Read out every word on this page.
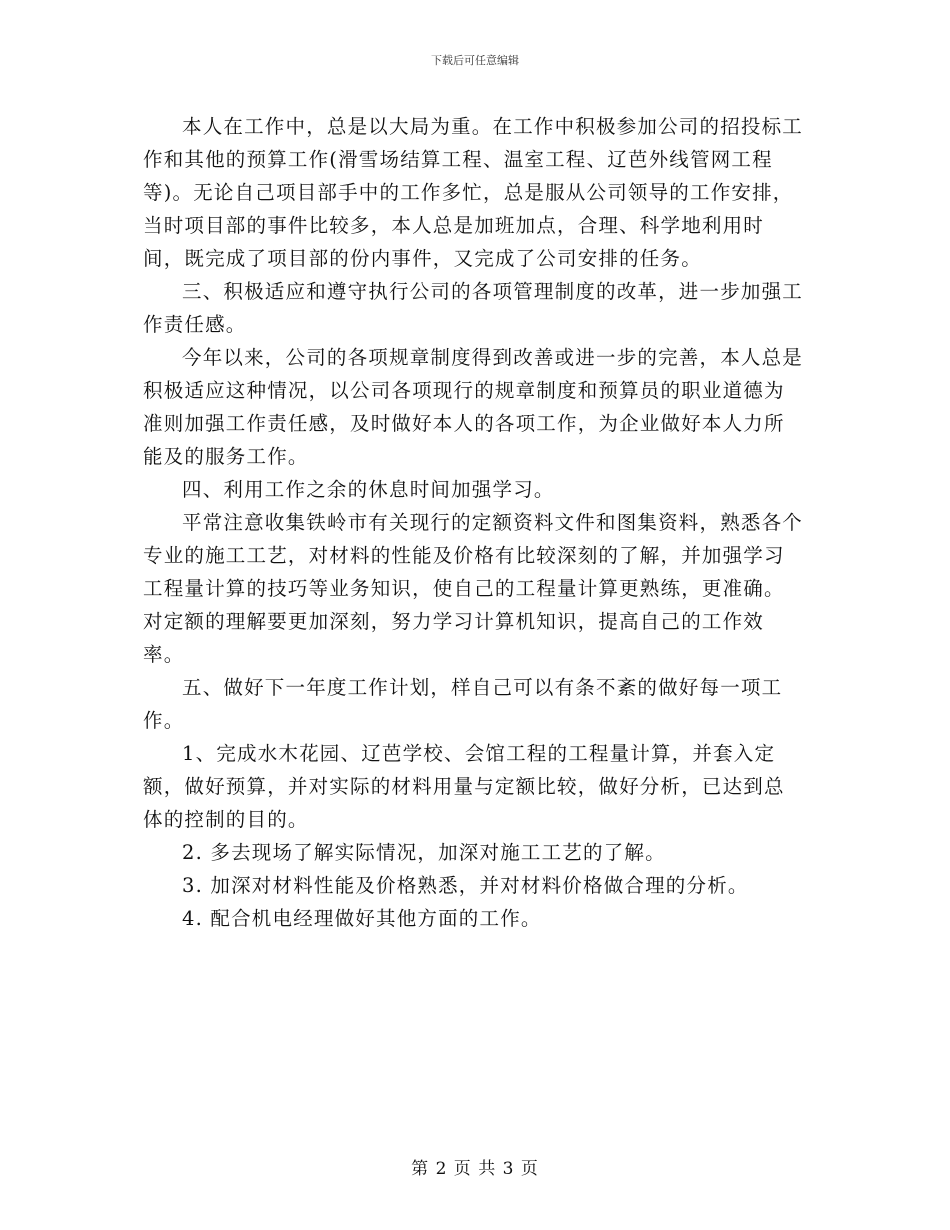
下载后可任意编辑

本人在工作中，总是以大局为重。在工作中积极参加公司的招投标工作和其他的预算工作(滑雪场结算工程、温室工程、辽芭外线管网工程等)。无论自己项目部手中的工作多忙，总是服从公司领导的工作安排，当时项目部的事件比较多，本人总是加班加点，合理、科学地利用时间，既完成了项目部的份内事件，又完成了公司安排的任务。

三、积极适应和遵守执行公司的各项管理制度的改革，进一步加强工作责任感。

今年以来，公司的各项规章制度得到改善或进一步的完善，本人总是积极适应这种情况，以公司各项现行的规章制度和预算员的职业道德为准则加强工作责任感，及时做好本人的各项工作，为企业做好本人力所能及的服务工作。

四、利用工作之余的休息时间加强学习。

平常注意收集铁岭市有关现行的定额资料文件和图集资料，熟悉各个专业的施工工艺，对材料的性能及价格有比较深刻的了解，并加强学习工程量计算的技巧等业务知识，使自己的工程量计算更熟练，更准确。对定额的理解要更加深刻，努力学习计算机知识，提高自己的工作效率。

五、做好下一年度工作计划，样自己可以有条不紊的做好每一项工作。

1、完成水木花园、辽芭学校、会馆工程的工程量计算，并套入定额，做好预算，并对实际的材料用量与定额比较，做好分析，已达到总体的控制的目的。

2. 多去现场了解实际情况，加深对施工工艺的了解。

3. 加深对材料性能及价格熟悉，并对材料价格做合理的分析。

4. 配合机电经理做好其他方面的工作。

第 2 页 共 3 页
